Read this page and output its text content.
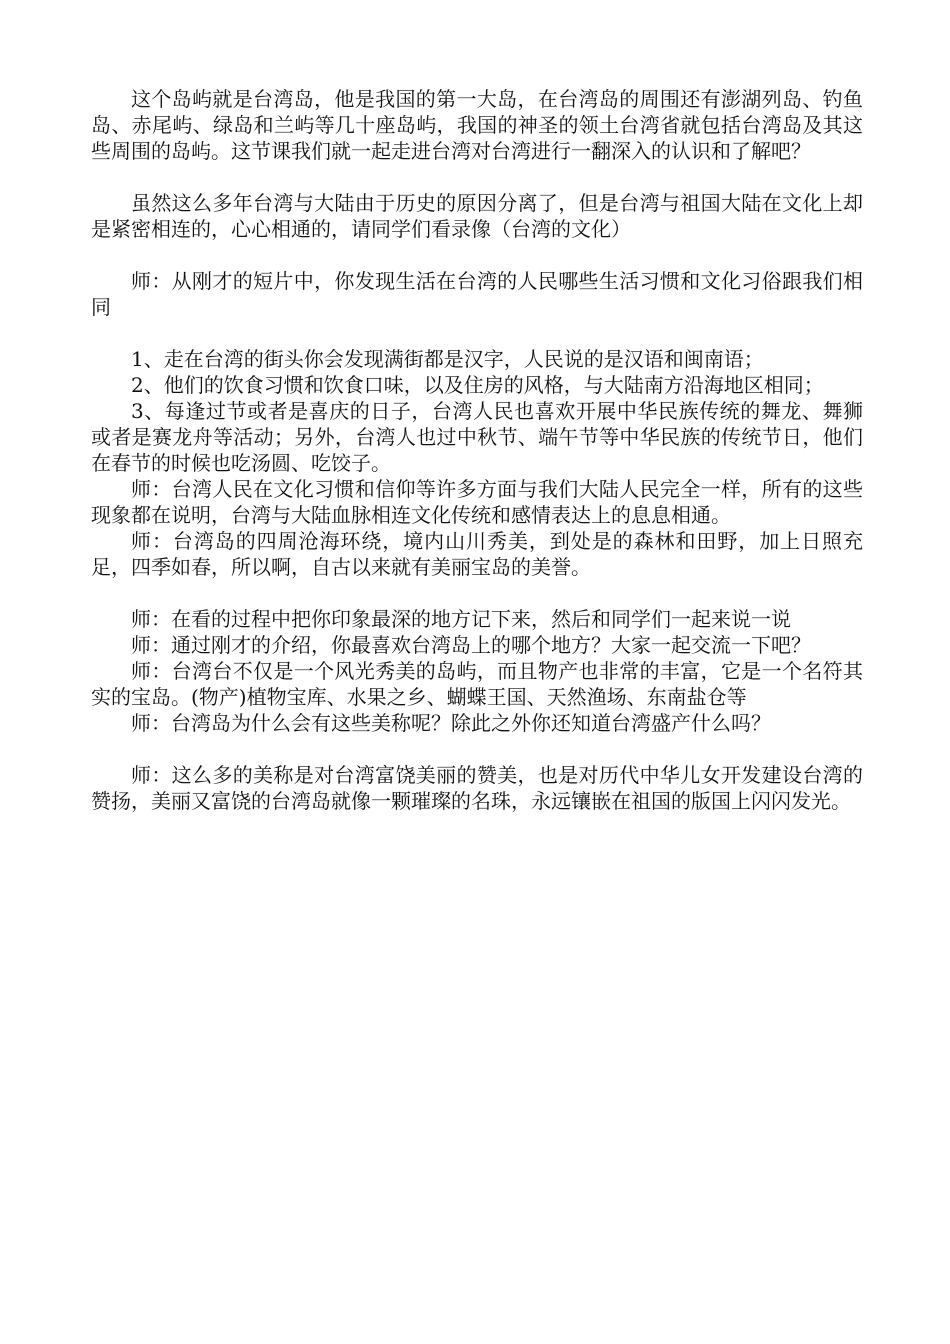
这个岛屿就是台湾岛，他是我国的第一大岛，在台湾岛的周围还有澎湖列岛、钓鱼岛、赤尾屿、绿岛和兰屿等几十座岛屿，我国的神圣的领土台湾省就包括台湾岛及其这些周围的岛屿。这节课我们就一起走进台湾对台湾进行一翻深入的认识和了解吧？

虽然这么多年台湾与大陆由于历史的原因分离了，但是台湾与祖国大陆在文化上却是紧密相连的，心心相通的，请同学们看录像（台湾的文化）

师：从刚才的短片中，你发现生活在台湾的人民哪些生活习惯和文化习俗跟我们相同

1、走在台湾的街头你会发现满街都是汉字，人民说的是汉语和闽南语；

2、他们的饮食习惯和饮食口味，以及住房的风格，与大陆南方沿海地区相同；

3、每逢过节或者是喜庆的日子，台湾人民也喜欢开展中华民族传统的舞龙、舞狮或者是赛龙舟等活动；另外，台湾人也过中秋节、端午节等中华民族的传统节日，他们在春节的时候也吃汤圆、吃饺子。

师：台湾人民在文化习惯和信仰等许多方面与我们大陆人民完全一样，所有的这些现象都在说明，台湾与大陆血脉相连文化传统和感情表达上的息息相通。

师：台湾岛的四周沧海环绕，境内山川秀美，到处是的森林和田野，加上日照充足，四季如春，所以啊，自古以来就有美丽宝岛的美誉。

师：在看的过程中把你印象最深的地方记下来，然后和同学们一起来说一说

师：通过刚才的介绍，你最喜欢台湾岛上的哪个地方？大家一起交流一下吧？

师：台湾台不仅是一个风光秀美的岛屿，而且物产也非常的丰富，它是一个名符其实的宝岛。(物产)植物宝库、水果之乡、蝴蝶王国、天然渔场、东南盐仓等

师：台湾岛为什么会有这些美称呢？除此之外你还知道台湾盛产什么吗？

师：这么多的美称是对台湾富饶美丽的赞美，也是对历代中华儿女开发建设台湾的赞扬，美丽又富饶的台湾岛就像一颗璀璨的名珠，永远镶嵌在祖国的版国上闪闪发光。
